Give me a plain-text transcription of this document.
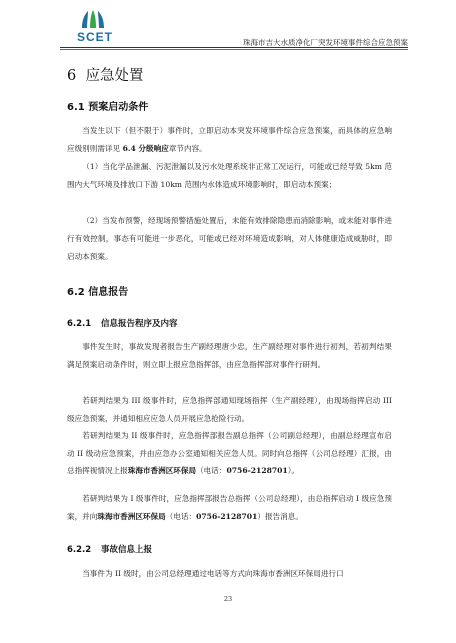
SCET	珠海市吉大水质净化厂突发环境事件综合应急预案
6 应急处置
6.1 预案启动条件
当发生以下（但不限于）事件时，立即启动本突发环境事件综合应急预案，而具体的应急响应级别则需详见 6.4 分级响应章节内容。
（1）当化学品泄漏、污泥泄漏以及污水处理系统非正常工况运行，可能或已经导致 5km 范围内大气环境及排放口下游 10km 范围内水体造成环境影响时，即启动本预案；
（2）当发布预警，经现场预警措施处置后，未能有效排除隐患而消除影响，或未能对事件进行有效控制，事态有可能进一步恶化，可能或已经对环境造成影响，对人体健康造成威胁时，即启动本预案。
6.2 信息报告
6.2.1 信息报告程序及内容
事件发生时，事故发现者报告生产副经理唐少忠，生产副经理对事件进行初判，若初判结果满足预案启动条件时，则立即上报应急指挥部，由应急指挥部对事件行研判。
若研判结果为 III 级事件时，应急指挥部通知现场指挥（生产副经理），由现场指挥启动 III 级应急预案，并通知相应应急人员开展应急抢险行动。
若研判结果为 II 级事件时，应急指挥部报告副总指挥（公司副总经理），由副总经理宣布启动 II 级动应急预案，并由应急办公室通知相关应急人员。同时向总指挥（公司总经理）汇报，由总指挥视情况上报珠海市香洲区环保局（电话：0756-2128701）。
若研判结果为 I 级事件时，应急指挥部报告总指挥（公司总经理），由总指挥启动 I 级应急预案，并向珠海市香洲区环保局（电话：0756-2128701）报告消息。
6.2.2 事故信息上报
当事件为 II 级时，由公司总经理通过电话等方式向珠海市香洲区环保局进行口
23
